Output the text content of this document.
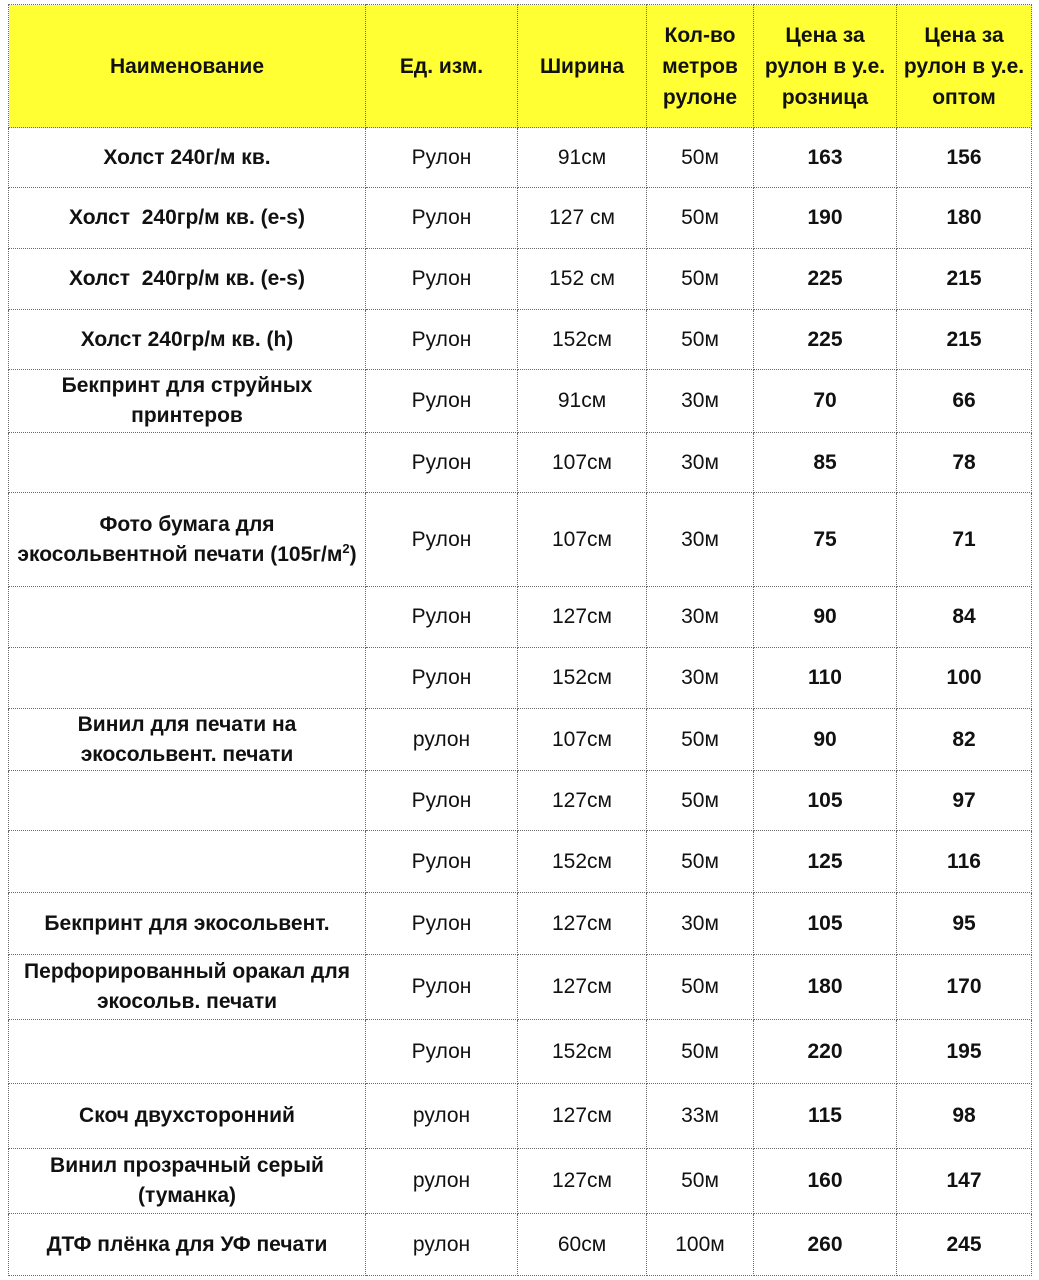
Наименование	Ед. изм.	Ширина	Кол-во метров рулоне	Цена за рулон в у.е. розница	Цена за рулон в у.е. оптом
Холст 240г/м кв.	Рулон	91см	50м	163	156
Холст  240гр/м кв. (e-s)	Рулон	127 см	50м	190	180
Холст  240гр/м кв. (e-s)	Рулон	152 см	50м	225	215
Холст 240гр/м кв. (h)	Рулон	152см	50м	225	215
Бекпринт для струйных принтеров	Рулон	91см	30м	70	66
	Рулон	107см	30м	85	78
Фото бумага для экосольвентной печати $(105г/м^2)$	Рулон	107см	30м	75	71
	Рулон	127см	30м	90	84
	Рулон	152см	30м	110	100
Винил для печати на экосольвент. печати	рулон	107см	50м	90	82
	Рулон	127см	50м	105	97
	Рулон	152см	50м	125	116
Бекпринт для экосольвент.	Рулон	127см	30м	105	95
Перфорированный оракал для экосольв. печати	Рулон	127см	50м	180	170
	Рулон	152см	50м	220	195
Скоч двухсторонний	рулон	127см	33м	115	98
Винил прозрачный серый (туманка)	рулон	127см	50м	160	147
ДТФ плёнка для УФ печати	рулон	60см	100м	260	245
